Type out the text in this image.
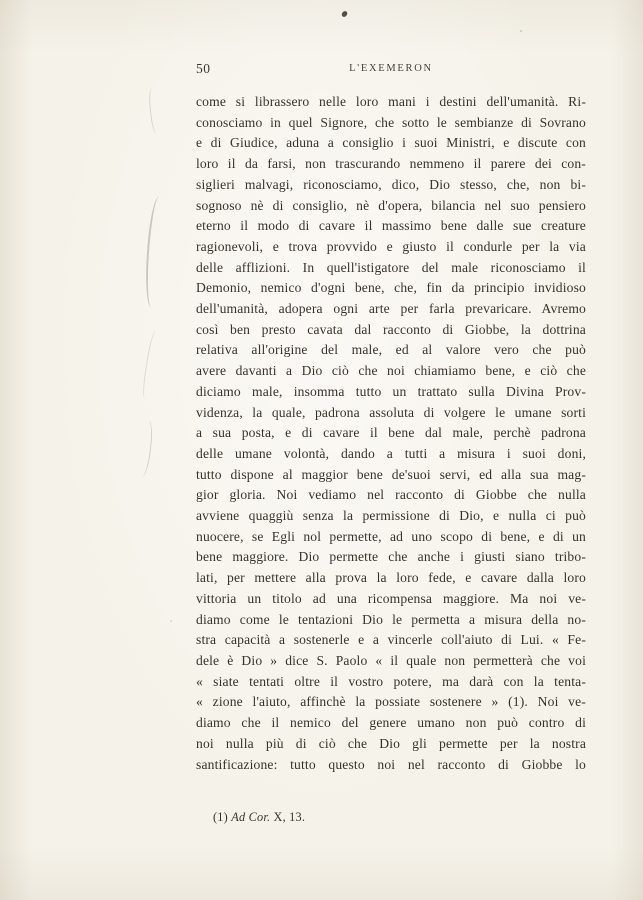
50	L'EXEMERON
come si librassero nelle loro mani i destini dell'umanità. Ri-
conosciamo in quel Signore, che sotto le sembianze di Sovrano
e di Giudice, aduna a consiglio i suoi Ministri, e discute con
loro il da farsi, non trascurando nemmeno il parere dei con-
siglieri malvagi, riconosciamo, dico, Dio stesso, che, non bi-
sognoso nè di consiglio, nè d'opera, bilancia nel suo pensiero
eterno il modo di cavare il massimo bene dalle sue creature
ragionevoli, e trova provvido e giusto il condurle per la via
delle afflizioni. In quell'istigatore del male riconosciamo il
Demonio, nemico d'ogni bene, che, fin da principio invidioso
dell'umanità, adopera ogni arte per farla prevaricare. Avremo
così ben presto cavata dal racconto di Giobbe, la dottrina
relativa all'origine del male, ed al valore vero che può
avere davanti a Dio ciò che noi chiamiamo bene, e ciò che
diciamo male, insomma tutto un trattato sulla Divina Prov-
videnza, la quale, padrona assoluta di volgere le umane sorti
a sua posta, e di cavare il bene dal male, perchè padrona
delle umane volontà, dando a tutti a misura i suoi doni,
tutto dispone al maggior bene de'suoi servi, ed alla sua mag-
gior gloria. Noi vediamo nel racconto di Giobbe che nulla
avviene quaggiù senza la permissione di Dio, e nulla ci può
nuocere, se Egli nol permette, ad uno scopo di bene, e di un
bene maggiore. Dio permette che anche i giusti siano tribo-
lati, per mettere alla prova la loro fede, e cavare dalla loro
vittoria un titolo ad una ricompensa maggiore. Ma noi ve-
diamo come le tentazioni Dio le permetta a misura della no-
stra capacità a sostenerle e a vincerle coll'aiuto di Lui. « Fe-
dele è Dio » dice S. Paolo « il quale non permetterà che voi
« siate tentati oltre il vostro potere, ma darà con la tenta-
« zione l'aiuto, affinchè la possiate sostenere » (1). Noi ve-
diamo che il nemico del genere umano non può contro di
noi nulla più di ciò che Dio gli permette per la nostra
santificazione: tutto questo noi nel racconto di Giobbe lo
(1) Ad Cor. X, 13.
